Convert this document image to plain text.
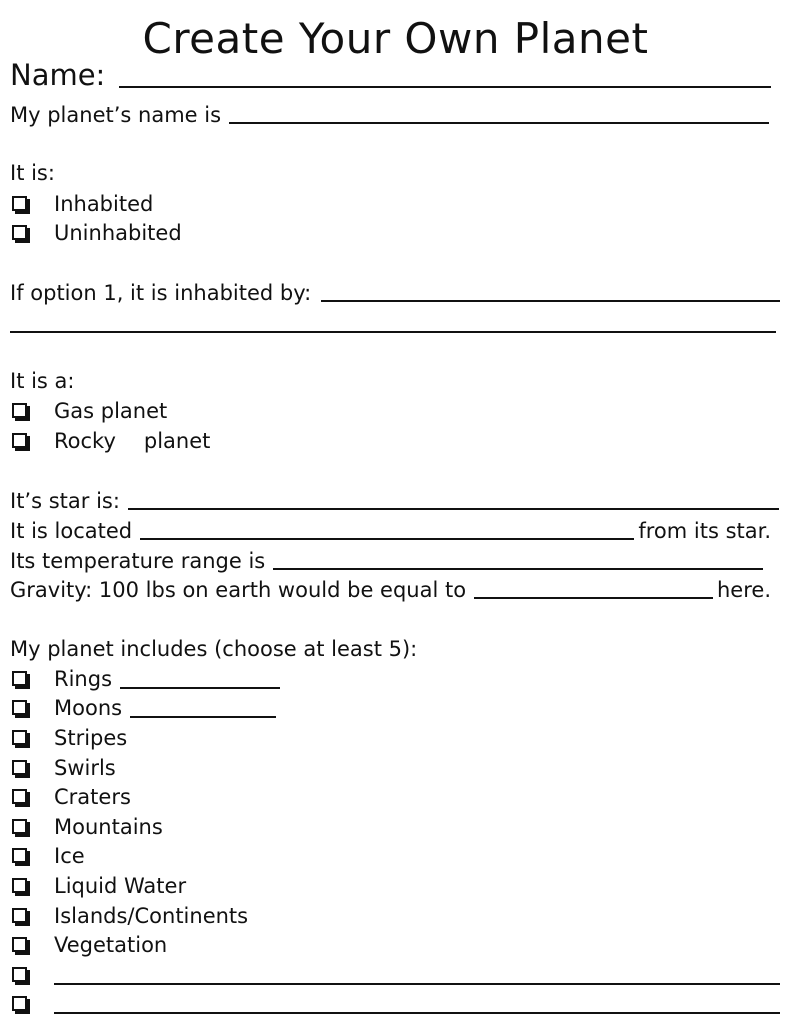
Create Your Own Planet
Name:
My planet’s name is
It is:
Inhabited
Uninhabited
If option 1, it is inhabited by:
It is a:
Gas planet
Rocky planet
It’s star is:
It is located	from its star.
Its temperature range is
Gravity: 100 lbs on earth would be equal to	here.
My planet includes (choose at least 5):
Rings
Moons
Stripes
Swirls
Craters
Mountains
Ice
Liquid Water
Islands/Continents
Vegetation
